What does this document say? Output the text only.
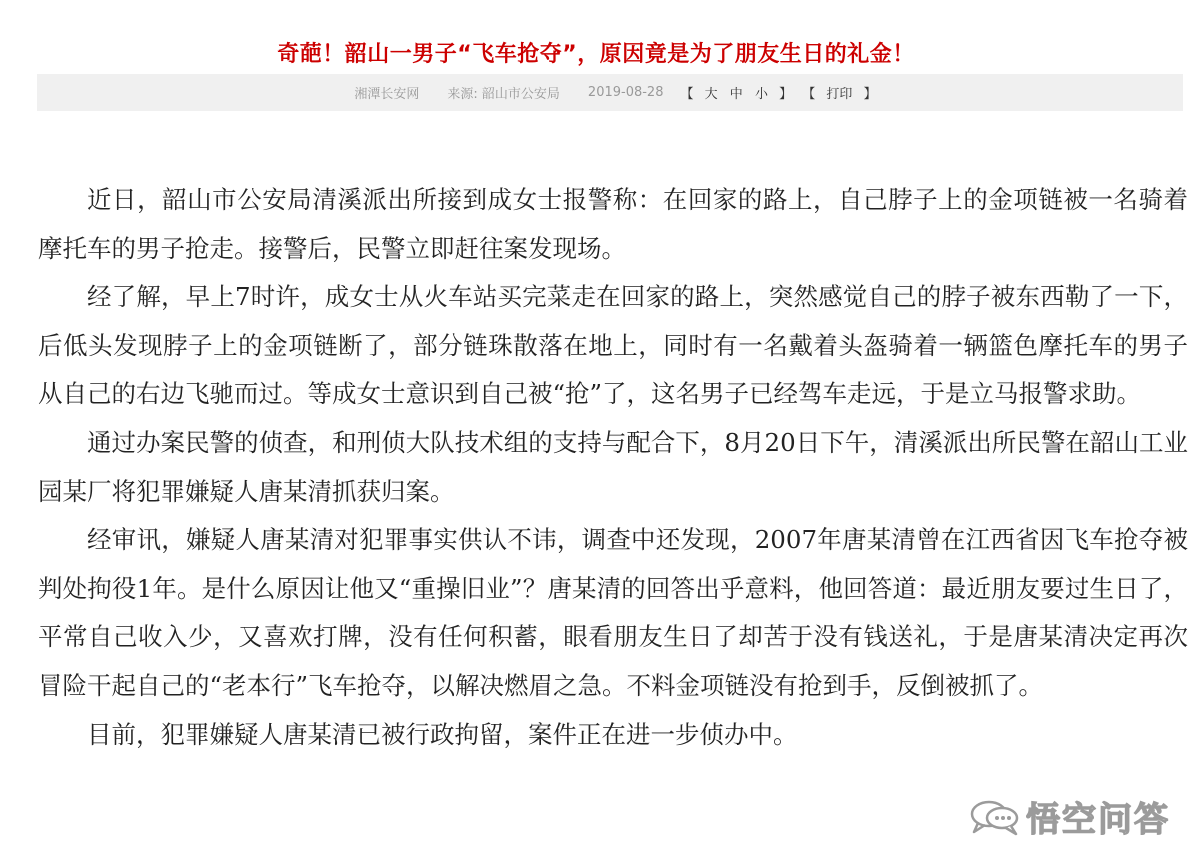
奇葩！韶山一男子“飞车抢夺”，原因竟是为了朋友生日的礼金！
湘潭长安网 来源: 韶山市公安局 2019-08-28 【 大 中 小 】 【 打印 】

近日，韶山市公安局清溪派出所接到成女士报警称：在回家的路上，自己脖子上的金项链被一名骑着摩托车的男子抢走。接警后，民警立即赶往案发现场。

经了解，早上7时许，成女士从火车站买完菜走在回家的路上，突然感觉自己的脖子被东西勒了一下，后低头发现脖子上的金项链断了，部分链珠散落在地上，同时有一名戴着头盔骑着一辆篮色摩托车的男子从自己的右边飞驰而过。等成女士意识到自己被“抢”了，这名男子已经驾车走远，于是立马报警求助。

通过办案民警的侦查，和刑侦大队技术组的支持与配合下，8月20日下午，清溪派出所民警在韶山工业园某厂将犯罪嫌疑人唐某清抓获归案。

经审讯，嫌疑人唐某清对犯罪事实供认不讳，调查中还发现，2007年唐某清曾在江西省因飞车抢夺被判处拘役1年。是什么原因让他又“重操旧业”？唐某清的回答出乎意料，他回答道：最近朋友要过生日了，平常自己收入少，又喜欢打牌，没有任何积蓄，眼看朋友生日了却苦于没有钱送礼，于是唐某清决定再次冒险干起自己的“老本行”飞车抢夺，以解决燃眉之急。不料金项链没有抢到手，反倒被抓了。

目前，犯罪嫌疑人唐某清已被行政拘留，案件正在进一步侦办中。

悟空问答
